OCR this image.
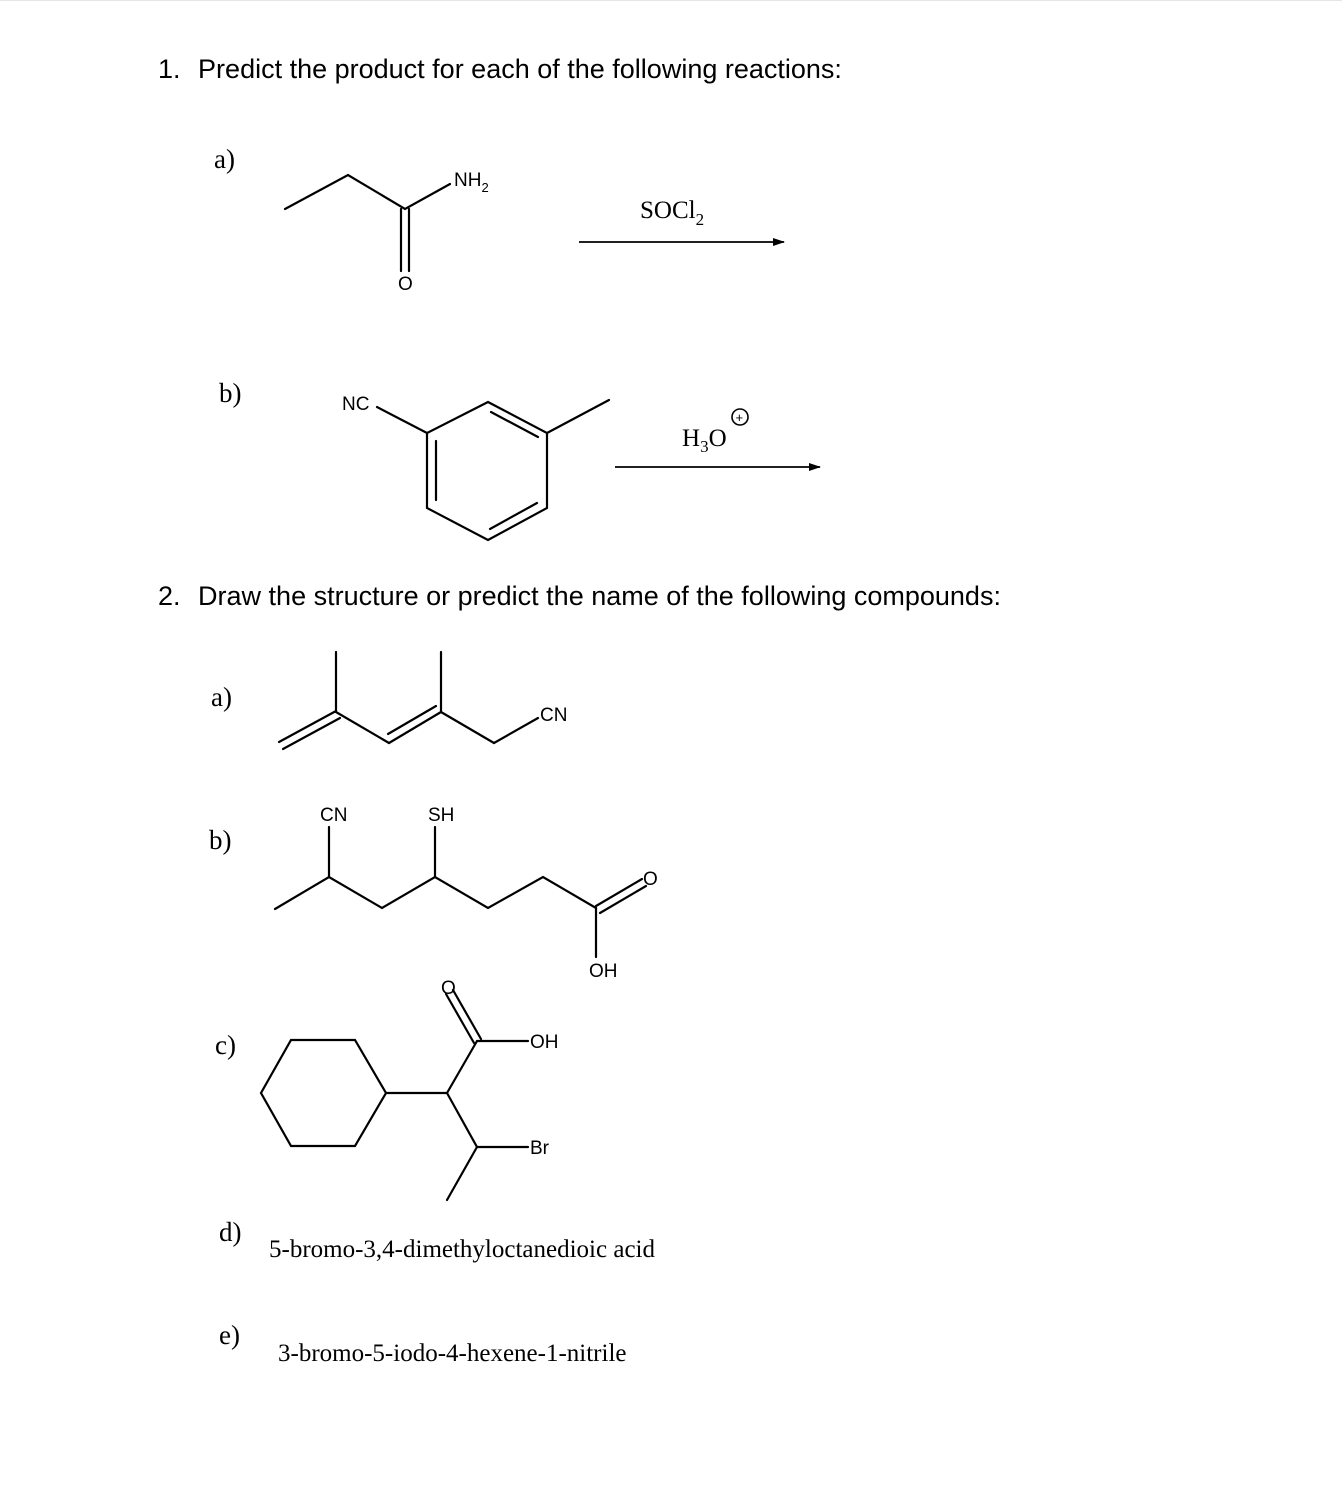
1. Predict the product for each of the following reactions:
a)
b)
2. Draw the structure or predict the name of the following compounds:
a)
b)
c)
d)
e)
5-bromo-3,4-dimethyloctanedioic acid
3-bromo-5-iodo-4-hexene-1-nitrile
$NH_2$
O
SOCl$_2$
NC
$H_3O$
+
CN
CN	SH
O
OH
O
OH
Br
